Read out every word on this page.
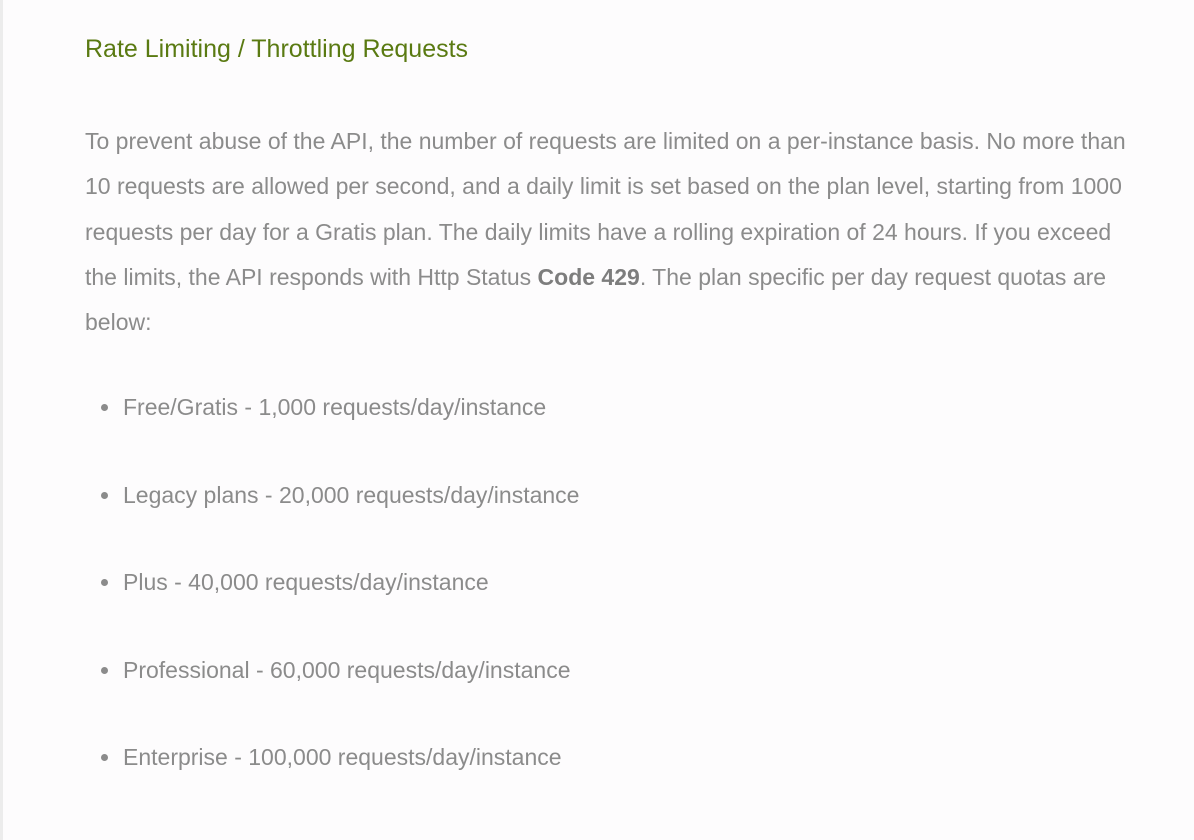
Rate Limiting / Throttling Requests

To prevent abuse of the API, the number of requests are limited on a per-instance basis. No more than 10 requests are allowed per second, and a daily limit is set based on the plan level, starting from 1000 requests per day for a Gratis plan. The daily limits have a rolling expiration of 24 hours. If you exceed the limits, the API responds with Http Status Code 429. The plan specific per day request quotas are below:

Free/Gratis - 1,000 requests/day/instance
Legacy plans - 20,000 requests/day/instance
Plus - 40,000 requests/day/instance
Professional - 60,000 requests/day/instance
Enterprise - 100,000 requests/day/instance
